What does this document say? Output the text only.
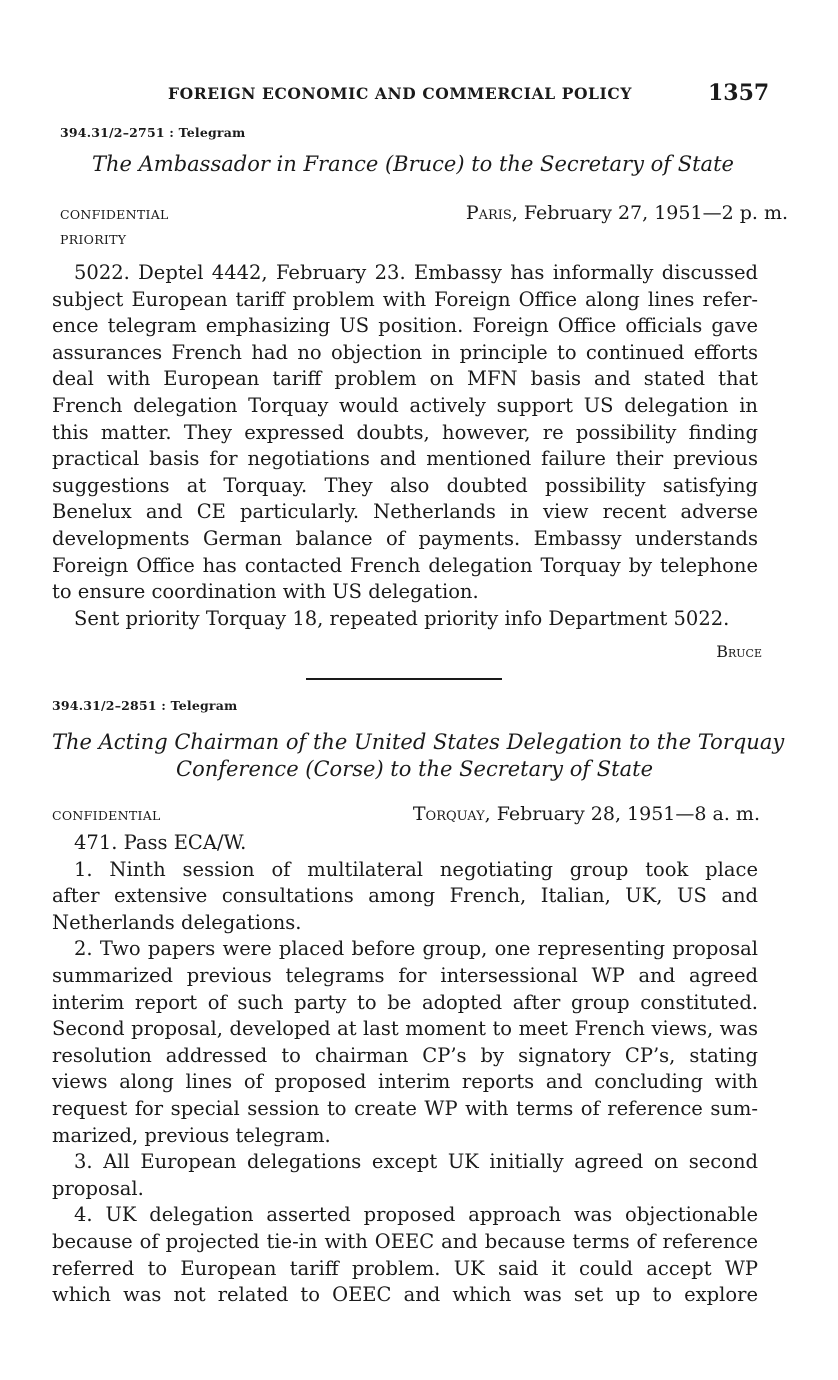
FOREIGN ECONOMIC AND COMMERCIAL POLICY	1357
394.31/2–2751 : Telegram
The Ambassador in France (Bruce) to the Secretary of State
CONFIDENTIAL
PRIORITY
Paris, February 27, 1951—2 p. m.
5022. Deptel 4442, February 23. Embassy has informally discussed
subject European tariff problem with Foreign Office along lines refer-
ence telegram emphasizing US position. Foreign Office officials gave
assurances French had no objection in principle to continued efforts
deal with European tariff problem on MFN basis and stated that
French delegation Torquay would actively support US delegation in
this matter. They expressed doubts, however, re possibility finding
practical basis for negotiations and mentioned failure their previous
suggestions at Torquay. They also doubted possibility satisfying
Benelux and CE particularly. Netherlands in view recent adverse
developments German balance of payments. Embassy understands
Foreign Office has contacted French delegation Torquay by telephone
to ensure coordination with US delegation.
Sent priority Torquay 18, repeated priority info Department 5022.
Bruce
394.31/2–2851 : Telegram
The Acting Chairman of the United States Delegation to the Torquay
Conference (Corse) to the Secretary of State
CONFIDENTIAL	Torquay, February 28, 1951—8 a. m.
471. Pass ECA/W.
1. Ninth session of multilateral negotiating group took place
after extensive consultations among French, Italian, UK, US and
Netherlands delegations.
2. Two papers were placed before group, one representing proposal
summarized previous telegrams for intersessional WP and agreed
interim report of such party to be adopted after group constituted.
Second proposal, developed at last moment to meet French views, was
resolution addressed to chairman CP’s by signatory CP’s, stating
views along lines of proposed interim reports and concluding with
request for special session to create WP with terms of reference sum-
marized, previous telegram.
3. All European delegations except UK initially agreed on second
proposal.
4. UK delegation asserted proposed approach was objectionable
because of projected tie-in with OEEC and because terms of reference
referred to European tariff problem. UK said it could accept WP
which was not related to OEEC and which was set up to explore
